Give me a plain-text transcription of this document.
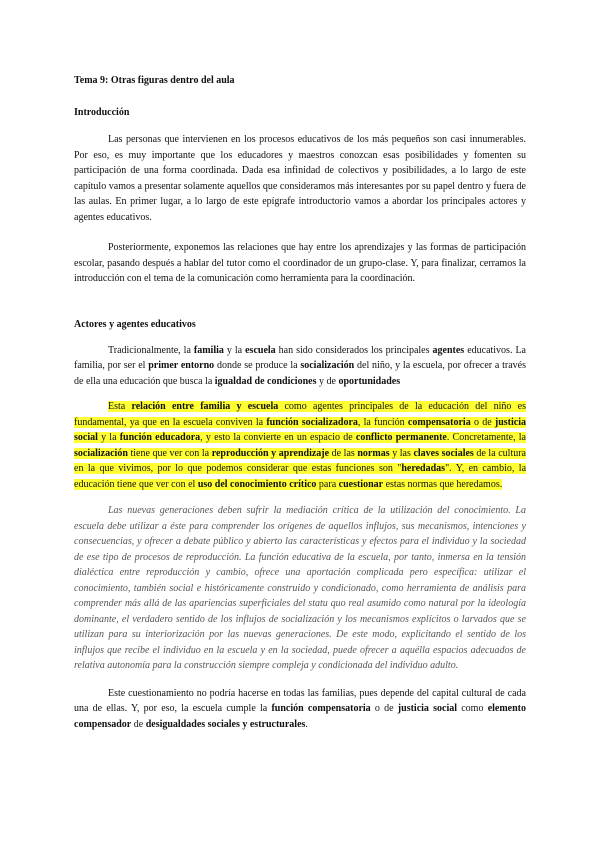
Tema 9: Otras figuras dentro del aula
Introducción

Las personas que intervienen en los procesos educativos de los más pequeños son casi innumerables. Por eso, es muy importante que los educadores y maestros conozcan esas posibilidades y fomenten su participación de una forma coordinada. Dada esa infinidad de colectivos y posibilidades, a lo largo de este capítulo vamos a presentar solamente aquellos que consideramos más interesantes por su papel dentro y fuera de las aulas. En primer lugar, a lo largo de este epígrafe introductorio vamos a abordar los principales actores y agentes educativos.

Posteriormente, exponemos las relaciones que hay entre los aprendizajes y las formas de participación escolar, pasando después a hablar del tutor como el coordinador de un grupo-clase. Y, para finalizar, cerramos la introducción con el tema de la comunicación como herramienta para la coordinación.

Actores y agentes educativos

Tradicionalmente, la familia y la escuela han sido considerados los principales agentes educativos. La familia, por ser el primer entorno donde se produce la socialización del niño, y la escuela, por ofrecer a través de ella una educación que busca la igualdad de condiciones y de oportunidades

Esta relación entre familia y escuela como agentes principales de la educación del niño es fundamental, ya que en la escuela conviven la función socializadora, la función compensatoria o de justicia social y la función educadora, y esto la convierte en un espacio de conflicto permanente. Concretamente, la socialización tiene que ver con la reproducción y aprendizaje de las normas y las claves sociales de la cultura en la que vivimos, por lo que podemos considerar que estas funciones son "heredadas". Y, en cambio, la educación tiene que ver con el uso del conocimiento crítico para cuestionar estas normas que heredamos.

Las nuevas generaciones deben sufrir la mediación crítica de la utilización del conocimiento. La escuela debe utilizar a éste para comprender los orígenes de aquellos influjos, sus mecanismos, intenciones y consecuencias, y ofrecer a debate público y abierto las características y efectos para el individuo y la sociedad de ese tipo de procesos de reproducción. La función educativa de la escuela, por tanto, inmersa en la tensión dialéctica entre reproducción y cambio, ofrece una aportación complicada pero específica: utilizar el conocimiento, también social e históricamente construido y condicionado, como herramienta de análisis para comprender más allá de las apariencias superficiales del statu quo real asumido como natural por la ideología dominante, el verdadero sentido de los influjos de socialización y los mecanismos explícitos o larvados que se utilizan para su interiorización por las nuevas generaciones. De este modo, explicitando el sentido de los influjos que recibe el individuo en la escuela y en la sociedad, puede ofrecer a aquélla espacios adecuados de relativa autonomía para la construcción siempre compleja y condicionada del individuo adulto.

Este cuestionamiento no podría hacerse en todas las familias, pues depende del capital cultural de cada una de ellas. Y, por eso, la escuela cumple la función compensatoria o de justicia social como elemento compensador de desigualdades sociales y estructurales.
